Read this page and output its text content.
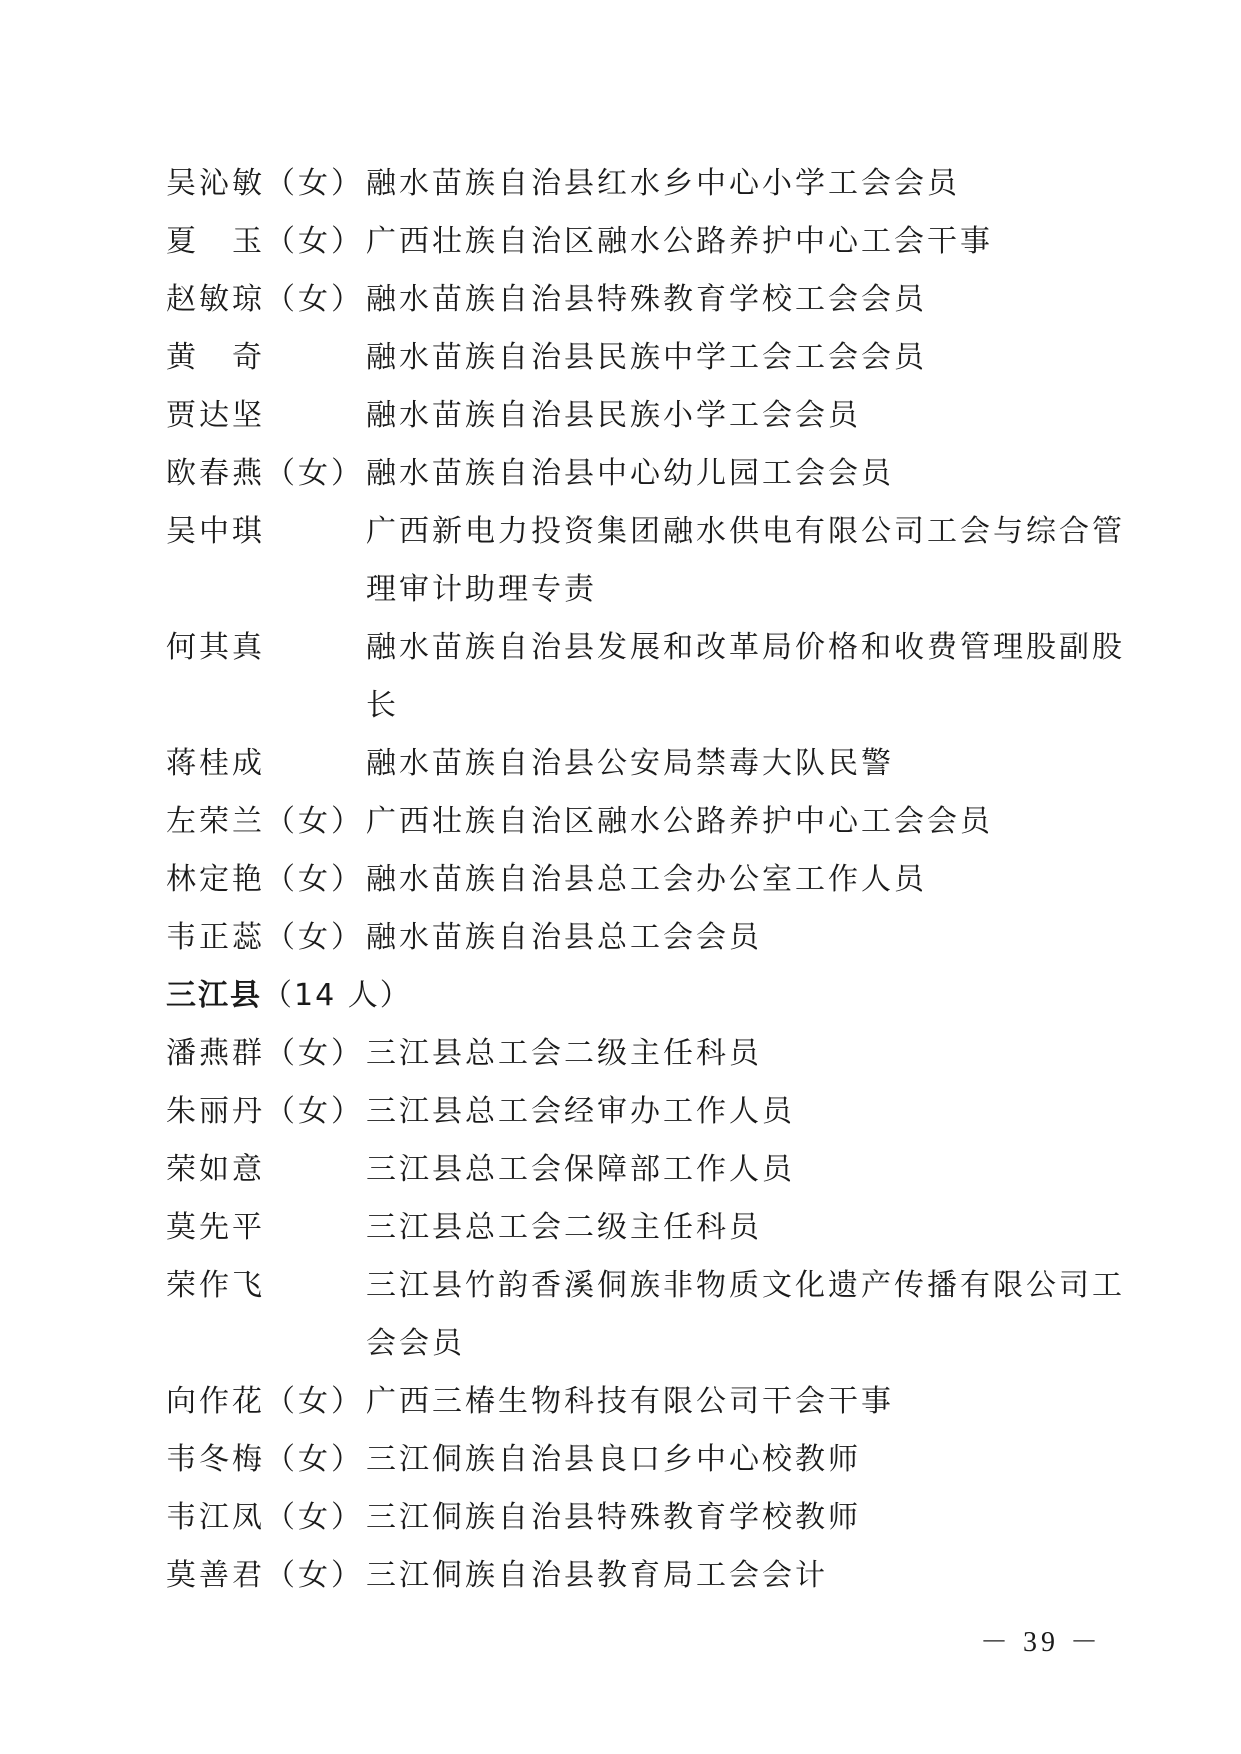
吴沁敏（女） 融水苗族自治县红水乡中心小学工会会员
夏　玉（女） 广西壮族自治区融水公路养护中心工会干事
赵敏琼（女） 融水苗族自治县特殊教育学校工会会员
黄　奇	融水苗族自治县民族中学工会工会会员
贾达坚	融水苗族自治县民族小学工会会员
欧春燕（女） 融水苗族自治县中心幼儿园工会会员
吴中琪	广西新电力投资集团融水供电有限公司工会与综合管理审计助理专责
何其真	融水苗族自治县发展和改革局价格和收费管理股副股长
蒋桂成	融水苗族自治县公安局禁毒大队民警
左荣兰（女） 广西壮族自治区融水公路养护中心工会会员
林定艳（女） 融水苗族自治县总工会办公室工作人员
韦正蕊（女） 融水苗族自治县总工会会员
三江县（14 人）
潘燕群（女） 三江县总工会二级主任科员
朱丽丹（女） 三江县总工会经审办工作人员
荣如意	三江县总工会保障部工作人员
莫先平	三江县总工会二级主任科员
荣作飞	三江县竹韵香溪侗族非物质文化遗产传播有限公司工会会员
向作花（女） 广西三椿生物科技有限公司干会干事
韦冬梅（女） 三江侗族自治县良口乡中心校教师
韦江凤（女） 三江侗族自治县特殊教育学校教师
莫善君（女） 三江侗族自治县教育局工会会计
－ 39 －
